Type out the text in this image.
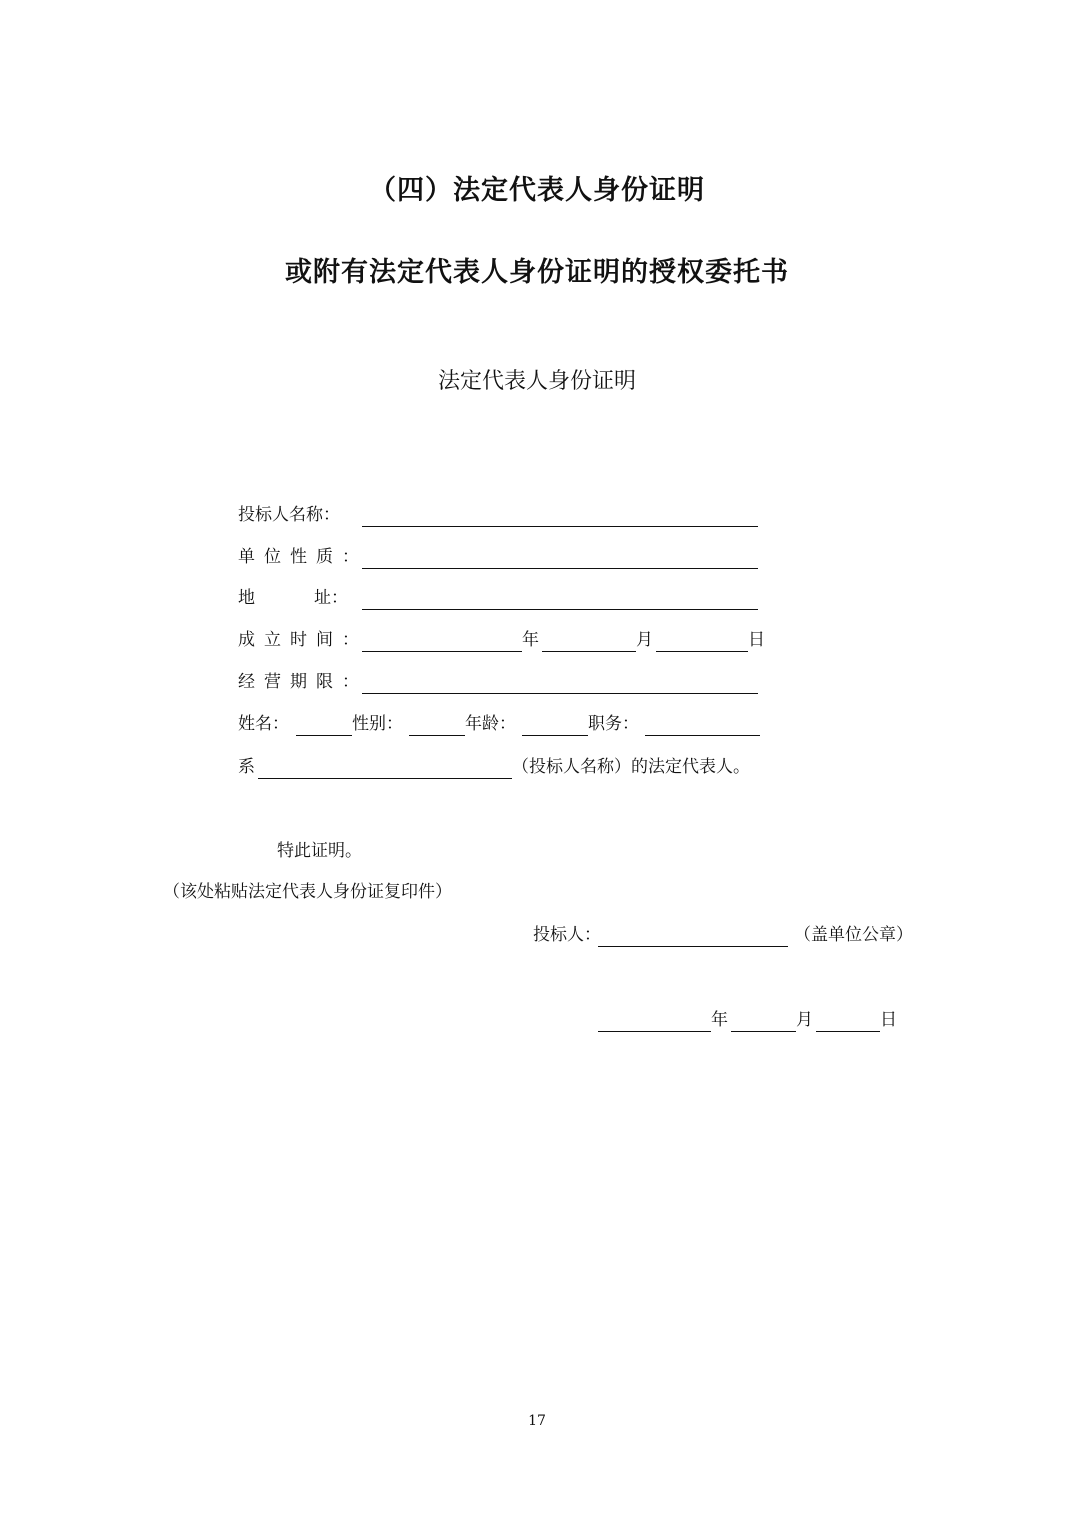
（四）法定代表人身份证明
或附有法定代表人身份证明的授权委托书
法定代表人身份证明
投标人名称：
单位性质：
地	址：
成立时间：	年	月	日
经营期限：
姓名：	性别：	年龄：	职务：
系	（投标人名称）的法定代表人。
特此证明。
（该处粘贴法定代表人身份证复印件）
投标人：	（盖单位公章）
年	月	日
17
